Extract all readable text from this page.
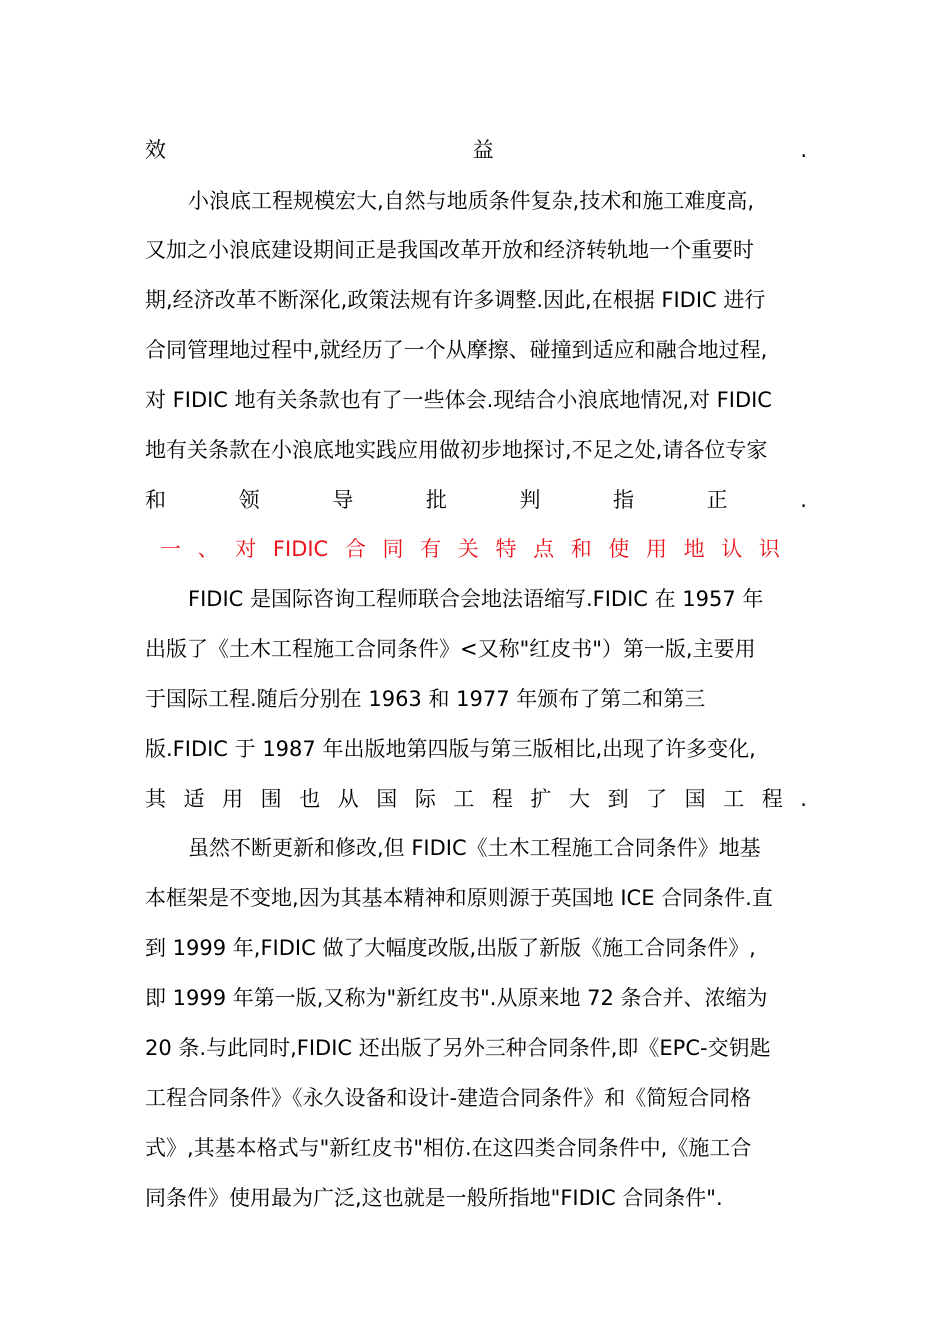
效	益	.
小浪底工程规模宏大,自然与地质条件复杂,技术和施工难度高,
又加之小浪底建设期间正是我国改革开放和经济转轨地一个重要时
期,经济改革不断深化,政策法规有许多调整.因此,在根据 FIDIC 进行
合同管理地过程中,就经历了一个从摩擦、碰撞到适应和融合地过程,
对 FIDIC 地有关条款也有了一些体会.现结合小浪底地情况,对 FIDIC
地有关条款在小浪底地实践应用做初步地探讨,不足之处,请各位专家
和	领	导	批	判	指	正	.
一 、 对 FIDIC 合 同 有 关 特 点 和 使 用 地 认 识
FIDIC 是国际咨询工程师联合会地法语缩写.FIDIC 在 1957 年
出版了《土木工程施工合同条件》<又称"红皮书"）第一版,主要用
于国际工程.随后分别在 1963 和 1977 年颁布了第二和第三
版.FIDIC 于 1987 年出版地第四版与第三版相比,出现了许多变化,
其 适 用 围 也 从 国 际 工 程 扩 大 到 了 国 工 程 .
虽然不断更新和修改,但 FIDIC《土木工程施工合同条件》地基
本框架是不变地,因为其基本精神和原则源于英国地 ICE 合同条件.直
到 1999 年,FIDIC 做了大幅度改版,出版了新版《施工合同条件》,
即 1999 年第一版,又称为"新红皮书".从原来地 72 条合并、浓缩为
20 条.与此同时,FIDIC 还出版了另外三种合同条件,即《EPC-交钥匙
工程合同条件》《永久设备和设计-建造合同条件》和《简短合同格
式》,其基本格式与"新红皮书"相仿.在这四类合同条件中,《施工合
同条件》使用最为广泛,这也就是一般所指地"FIDIC 合同条件".
